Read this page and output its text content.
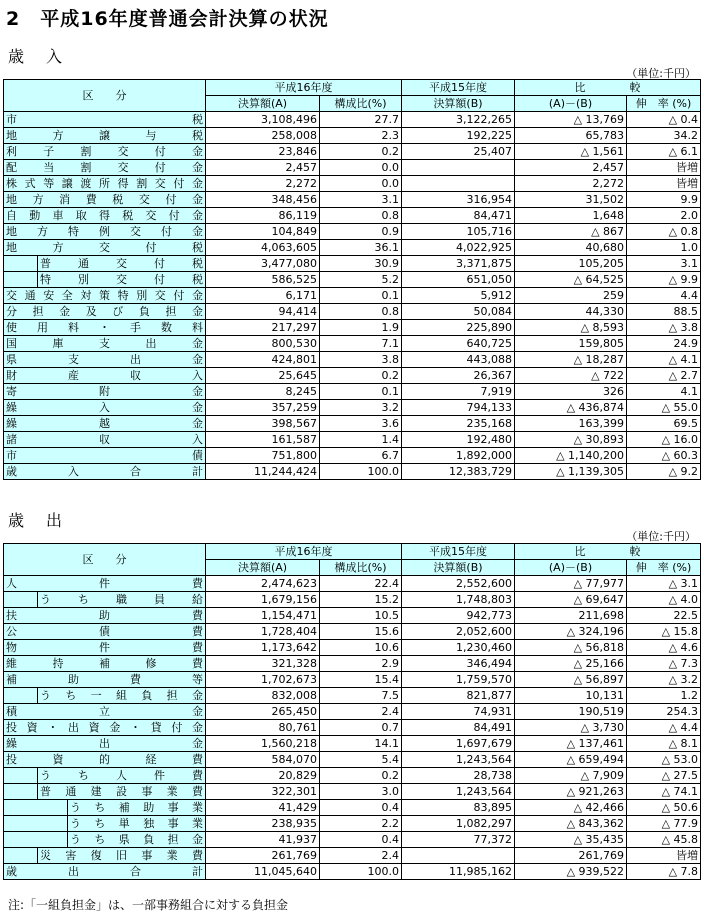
2　平成16年度普通会計決算の状況
歳　入
（単位:千円）
区　　分		平成16年度		平成15年度	比　　　　較	
		決算額(A)	構成比(%)	決算額(B)	(A)－(B)	伸　率 (%)
市税		3,108,496	27.7	3,122,265	△ 13,769	△ 0.4
地方譲与税		258,008	2.3	192,225	65,783	34.2
利子割交付金		23,846	0.2	25,407	△ 1,561	△ 6.1
配当割交付金		2,457	0.0		2,457	皆増
株式等譲渡所得割交付金		2,272	0.0		2,272	皆増
地方消費税交付金		348,456	3.1	316,954	31,502	9.9
自動車取得税交付金		86,119	0.8	84,471	1,648	2.0
地方特例交付金		104,849	0.9	105,716	△ 867	△ 0.8
地方交付税		4,063,605	36.1	4,022,925	40,680	1.0
	普通交付税	3,477,080	30.9	3,371,875	105,205	3.1
	特別交付税	586,525	5.2	651,050	△ 64,525	△ 9.9
交通安全対策特別交付金		6,171	0.1	5,912	259	4.4
分担金及び負担金		94,414	0.8	50,084	44,330	88.5
使用料・手数料		217,297	1.9	225,890	△ 8,593	△ 3.8
国庫支出金		800,530	7.1	640,725	159,805	24.9
県支出金		424,801	3.8	443,088	△ 18,287	△ 4.1
財産収入		25,645	0.2	26,367	△ 722	△ 2.7
寄附金		8,245	0.1	7,919	326	4.1
繰入金		357,259	3.2	794,133	△ 436,874	△ 55.0
繰越金		398,567	3.6	235,168	163,399	69.5
諸収入		161,587	1.4	192,480	△ 30,893	△ 16.0
市債		751,800	6.7	1,892,000	△ 1,140,200	△ 60.3
歳入合計		11,244,424	100.0	12,383,729	△ 1,139,305	△ 9.2
歳　出
（単位:千円）
区　　分			平成16年度		平成15年度	比　　　　較	
			決算額(A)	構成比(%)	決算額(B)	(A)－(B)	伸　率 (%)
人件費			2,474,623	22.4	2,552,600	△ 77,977	△ 3.1
	うち職員給		1,679,156	15.2	1,748,803	△ 69,647	△ 4.0
扶助費			1,154,471	10.5	942,773	211,698	22.5
公債費			1,728,404	15.6	2,052,600	△ 324,196	△ 15.8
物件費			1,173,642	10.6	1,230,460	△ 56,818	△ 4.6
維持補修費			321,328	2.9	346,494	△ 25,166	△ 7.3
補助費等			1,702,673	15.4	1,759,570	△ 56,897	△ 3.2
	うち一組負担金		832,008	7.5	821,877	10,131	1.2
積立金			265,450	2.4	74,931	190,519	254.3
投資・出資金・貸付金			80,761	0.7	84,491	△ 3,730	△ 4.4
繰出金			1,560,218	14.1	1,697,679	△ 137,461	△ 8.1
投資的経費			584,070	5.4	1,243,564	△ 659,494	△ 53.0
	うち人件費		20,829	0.2	28,738	△ 7,909	△ 27.5
	普通建設事業費		322,301	3.0	1,243,564	△ 921,263	△ 74.1
		うち補助事業	41,429	0.4	83,895	△ 42,466	△ 50.6
		うち単独事業	238,935	2.2	1,082,297	△ 843,362	△ 77.9
		うち県負担金	41,937	0.4	77,372	△ 35,435	△ 45.8
	災害復旧事業費		261,769	2.4		261,769	皆増
歳出合計			11,045,640	100.0	11,985,162	△ 939,522	△ 7.8
注:「一組負担金」は、一部事務組合に対する負担金
